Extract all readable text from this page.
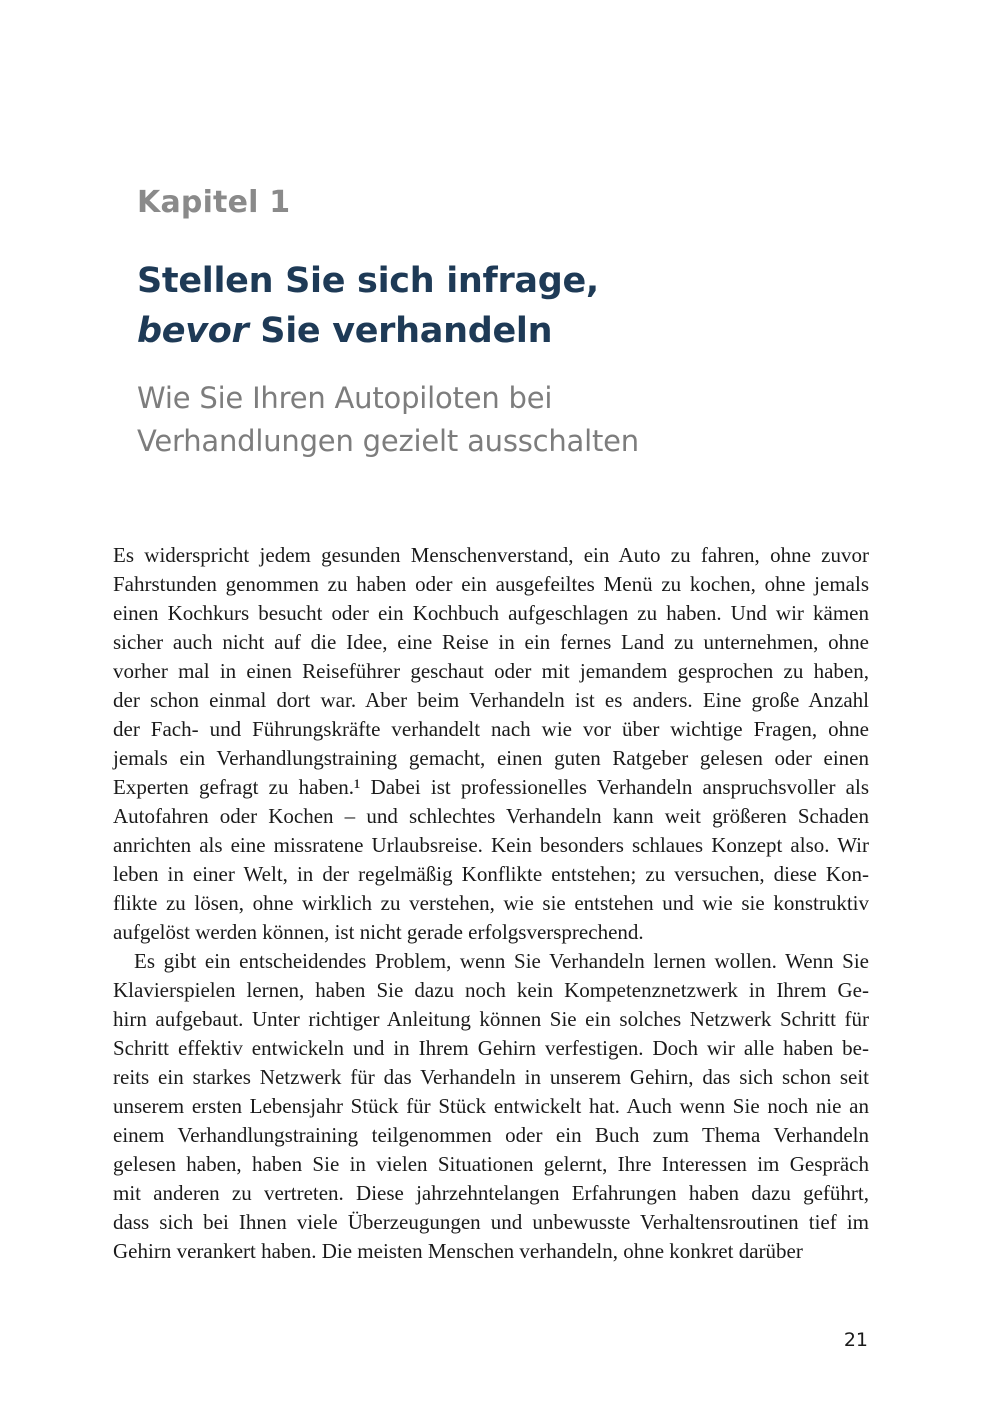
Kapitel 1
Stellen Sie sich infrage,
bevor Sie verhandeln
Wie Sie Ihren Autopiloten bei
Verhandlungen gezielt ausschalten

Es widerspricht jedem gesunden Menschenverstand, ein Auto zu fahren, ohne zuvor
Fahrstunden genommen zu haben oder ein ausgefeiltes Menü zu kochen, ohne jemals
einen Kochkurs besucht oder ein Kochbuch aufgeschlagen zu haben. Und wir kämen
sicher auch nicht auf die Idee, eine Reise in ein fernes Land zu unternehmen, ohne
vorher mal in einen Reiseführer geschaut oder mit jemandem gesprochen zu haben,
der schon einmal dort war. Aber beim Verhandeln ist es anders. Eine große Anzahl
der Fach- und Führungskräfte verhandelt nach wie vor über wichtige Fragen, ohne
jemals ein Verhandlungstraining gemacht, einen guten Ratgeber gelesen oder einen
Experten gefragt zu haben.¹ Dabei ist professionelles Verhandeln anspruchsvoller als
Autofahren oder Kochen – und schlechtes Verhandeln kann weit größeren Schaden
anrichten als eine missratene Urlaubsreise. Kein besonders schlaues Konzept also. Wir
leben in einer Welt, in der regelmäßig Konflikte entstehen; zu versuchen, diese Kon-
flikte zu lösen, ohne wirklich zu verstehen, wie sie entstehen und wie sie konstruktiv
aufgelöst werden können, ist nicht gerade erfolgsversprechend.

Es gibt ein entscheidendes Problem, wenn Sie Verhandeln lernen wollen. Wenn Sie
Klavierspielen lernen, haben Sie dazu noch kein Kompetenznetzwerk in Ihrem Ge-
hirn aufgebaut. Unter richtiger Anleitung können Sie ein solches Netzwerk Schritt für
Schritt effektiv entwickeln und in Ihrem Gehirn verfestigen. Doch wir alle haben be-
reits ein starkes Netzwerk für das Verhandeln in unserem Gehirn, das sich schon seit
unserem ersten Lebensjahr Stück für Stück entwickelt hat. Auch wenn Sie noch nie an
einem Verhandlungstraining teilgenommen oder ein Buch zum Thema Verhandeln
gelesen haben, haben Sie in vielen Situationen gelernt, Ihre Interessen im Gespräch
mit anderen zu vertreten. Diese jahrzehntelangen Erfahrungen haben dazu geführt,
dass sich bei Ihnen viele Überzeugungen und unbewusste Verhaltensroutinen tief im
Gehirn verankert haben. Die meisten Menschen verhandeln, ohne konkret darüber

21
